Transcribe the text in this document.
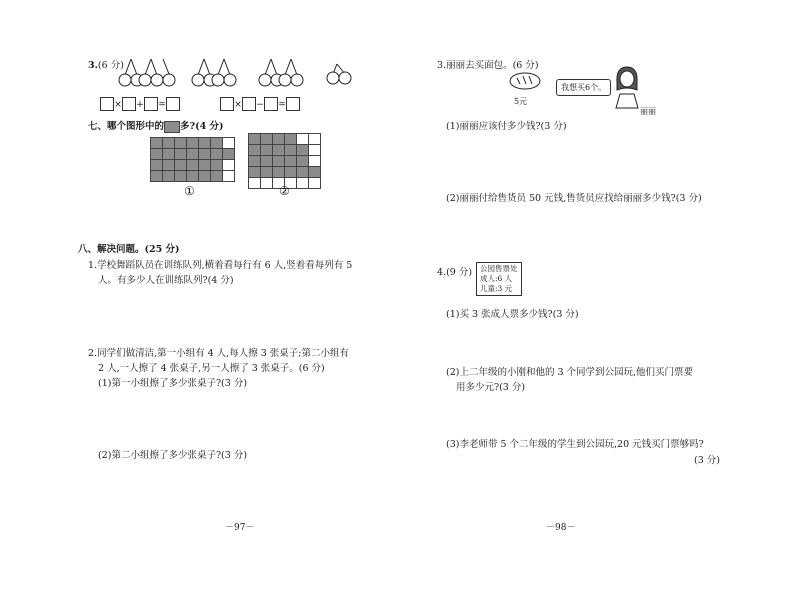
3.(6 分)
× + =	× − =
七、哪个图形中的 多?(4 分)

①	②
八、解决问题。(25 分)
1.学校舞蹈队员在训练队列,横着看每行有 6 人,竖着看每列有 5
人。有多少人在训练队列?(4 分)
2.同学们做清洁,第一小组有 4 人,每人擦 3 张桌子;第二小组有
2 人,一人擦了 4 张桌子,另一人擦了 3 张桌子。(6 分)
(1)第一小组擦了多少张桌子?(3 分)
(2)第二小组擦了多少张桌子?(3 分)
－97－
3.丽丽去买面包。(6 分)
5元
我想买6个。
丽丽
(1)丽丽应该付多少钱?(3 分)
(2)丽丽付给售货员 50 元钱,售货员应找给丽丽多少钱?(3 分)
4.(9 分) 公园售票处
成人:6 人
儿童:3 元
(1)买 3 张成人票多少钱?(3 分)
(2)上二年级的小刚和他的 3 个同学到公园玩,他们买门票要
用多少元?(3 分)
(3)李老师带 5 个二年级的学生到公园玩,20 元钱买门票够吗?
(3 分)
－98－
